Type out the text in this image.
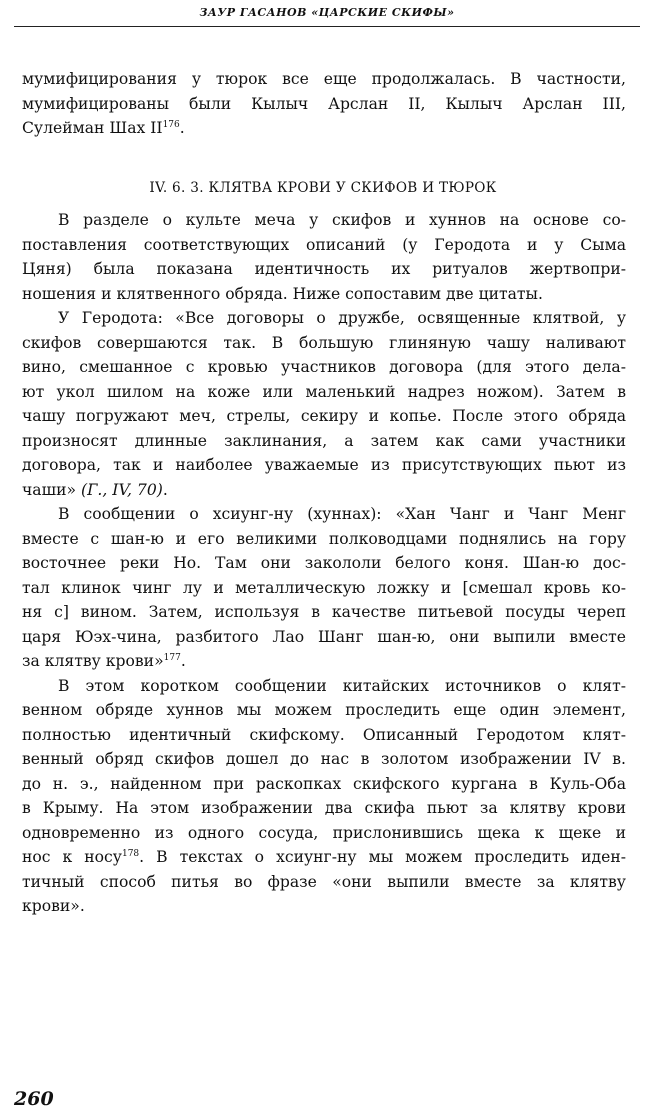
ЗАУР ГАСАНОВ «ЦАРСКИЕ СКИФЫ»
мумифицирования у тюрок все еще продолжалась. В частности,
мумифицированы были Кылыч Арслан II, Кылыч Арслан III,
Сулейман Шах II$^{176}$.
IV. 6. 3. КЛЯТВА КРОВИ У СКИФОВ И ТЮРОК
В разделе о культе меча у скифов и хуннов на основе со-
поставления соответствующих описаний (у Геродота и у Сыма
Цяня) была показана идентичность их ритуалов жертвопри-
ношения и клятвенного обряда. Ниже сопоставим две цитаты.
У Геродота: «Все договоры о дружбе, освященные клятвой, у
скифов совершаются так. В большую глиняную чашу наливают
вино, смешанное с кровью участников договора (для этого дела-
ют укол шилом на коже или маленький надрез ножом). Затем в
чашу погружают меч, стрелы, секиру и копье. После этого обряда
произносят длинные заклинания, а затем как сами участники
договора, так и наиболее уважаемые из присутствующих пьют из
чаши» (Г., IV, 70).
В сообщении о хсиунг-ну (хуннах): «Хан Чанг и Чанг Менг
вместе с шан-ю и его великими полководцами поднялись на гору
восточнее реки Но. Там они закололи белого коня. Шан-ю дос-
тал клинок чинг лу и металлическую ложку и [смешал кровь ко-
ня с] вином. Затем, используя в качестве питьевой посуды череп
царя Юэх-чина, разбитого Лао Шанг шан-ю, они выпили вместе
за клятву крови»$^{177}$.
В этом коротком сообщении китайских источников о клят-
венном обряде хуннов мы можем проследить еще один элемент,
полностью идентичный скифскому. Описанный Геродотом клят-
венный обряд скифов дошел до нас в золотом изображении IV в.
до н. э., найденном при раскопках скифского кургана в Куль-Оба
в Крыму. На этом изображении два скифа пьют за клятву крови
одновременно из одного сосуда, прислонившись щека к щеке и
нос к носу$^{178}$. В текстах о хсиунг-ну мы можем проследить иден-
тичный способ питья во фразе «они выпили вместе за клятву
крови».
260
